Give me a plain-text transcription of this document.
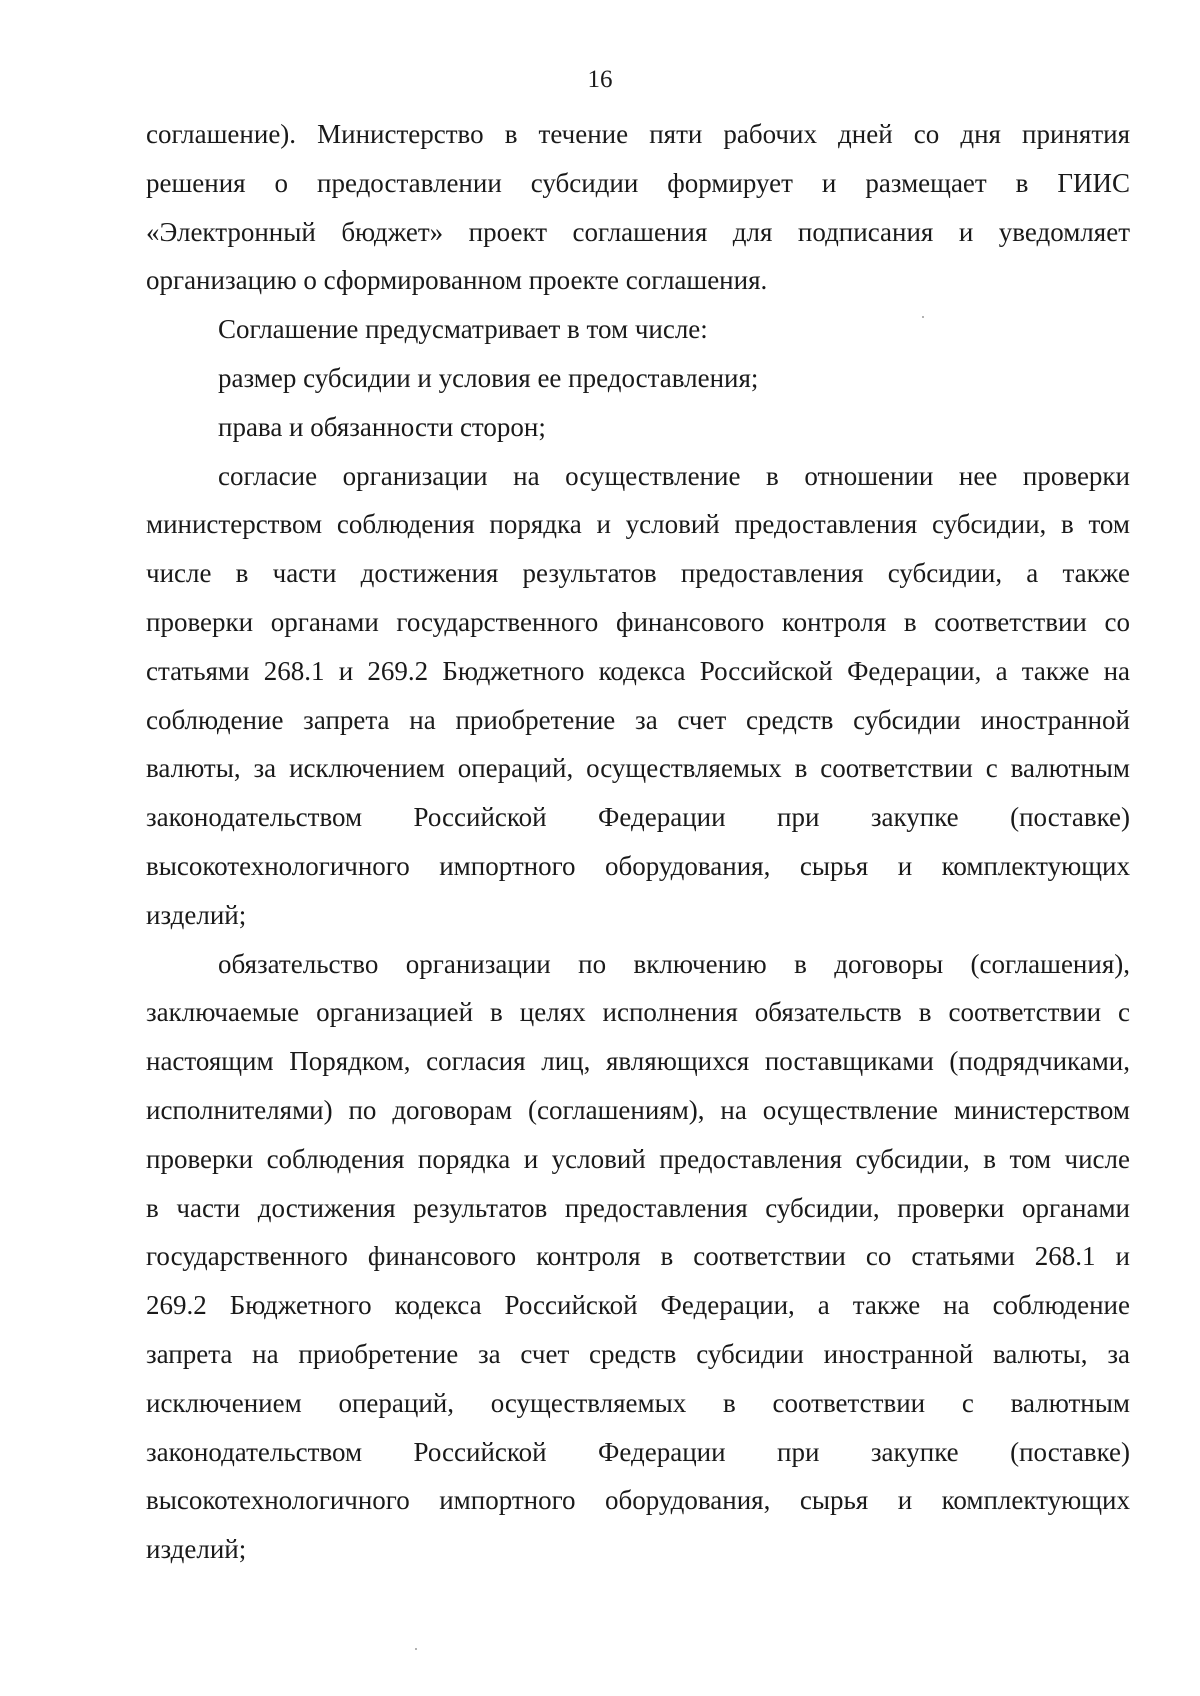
16
соглашение). Министерство в течение пяти рабочих дней со дня принятия
решения о предоставлении субсидии формирует и размещает в ГИИС
«Электронный бюджет» проект соглашения для подписания и уведомляет
организацию о сформированном проекте соглашения.
Соглашение предусматривает в том числе:
размер субсидии и условия ее предоставления;
права и обязанности сторон;
согласие организации на осуществление в отношении нее проверки
министерством соблюдения порядка и условий предоставления субсидии, в том
числе в части достижения результатов предоставления субсидии, а также
проверки органами государственного финансового контроля в соответствии со
статьями 268.1 и 269.2 Бюджетного кодекса Российской Федерации, а также на
соблюдение запрета на приобретение за счет средств субсидии иностранной
валюты, за исключением операций, осуществляемых в соответствии с валютным
законодательством Российской Федерации при закупке (поставке)
высокотехнологичного импортного оборудования, сырья и комплектующих
изделий;
обязательство организации по включению в договоры (соглашения),
заключаемые организацией в целях исполнения обязательств в соответствии с
настоящим Порядком, согласия лиц, являющихся поставщиками (подрядчиками,
исполнителями) по договорам (соглашениям), на осуществление министерством
проверки соблюдения порядка и условий предоставления субсидии, в том числе
в части достижения результатов предоставления субсидии, проверки органами
государственного финансового контроля в соответствии со статьями 268.1 и
269.2 Бюджетного кодекса Российской Федерации, а также на соблюдение
запрета на приобретение за счет средств субсидии иностранной валюты, за
исключением операций, осуществляемых в соответствии с валютным
законодательством Российской Федерации при закупке (поставке)
высокотехнологичного импортного оборудования, сырья и комплектующих
изделий;
